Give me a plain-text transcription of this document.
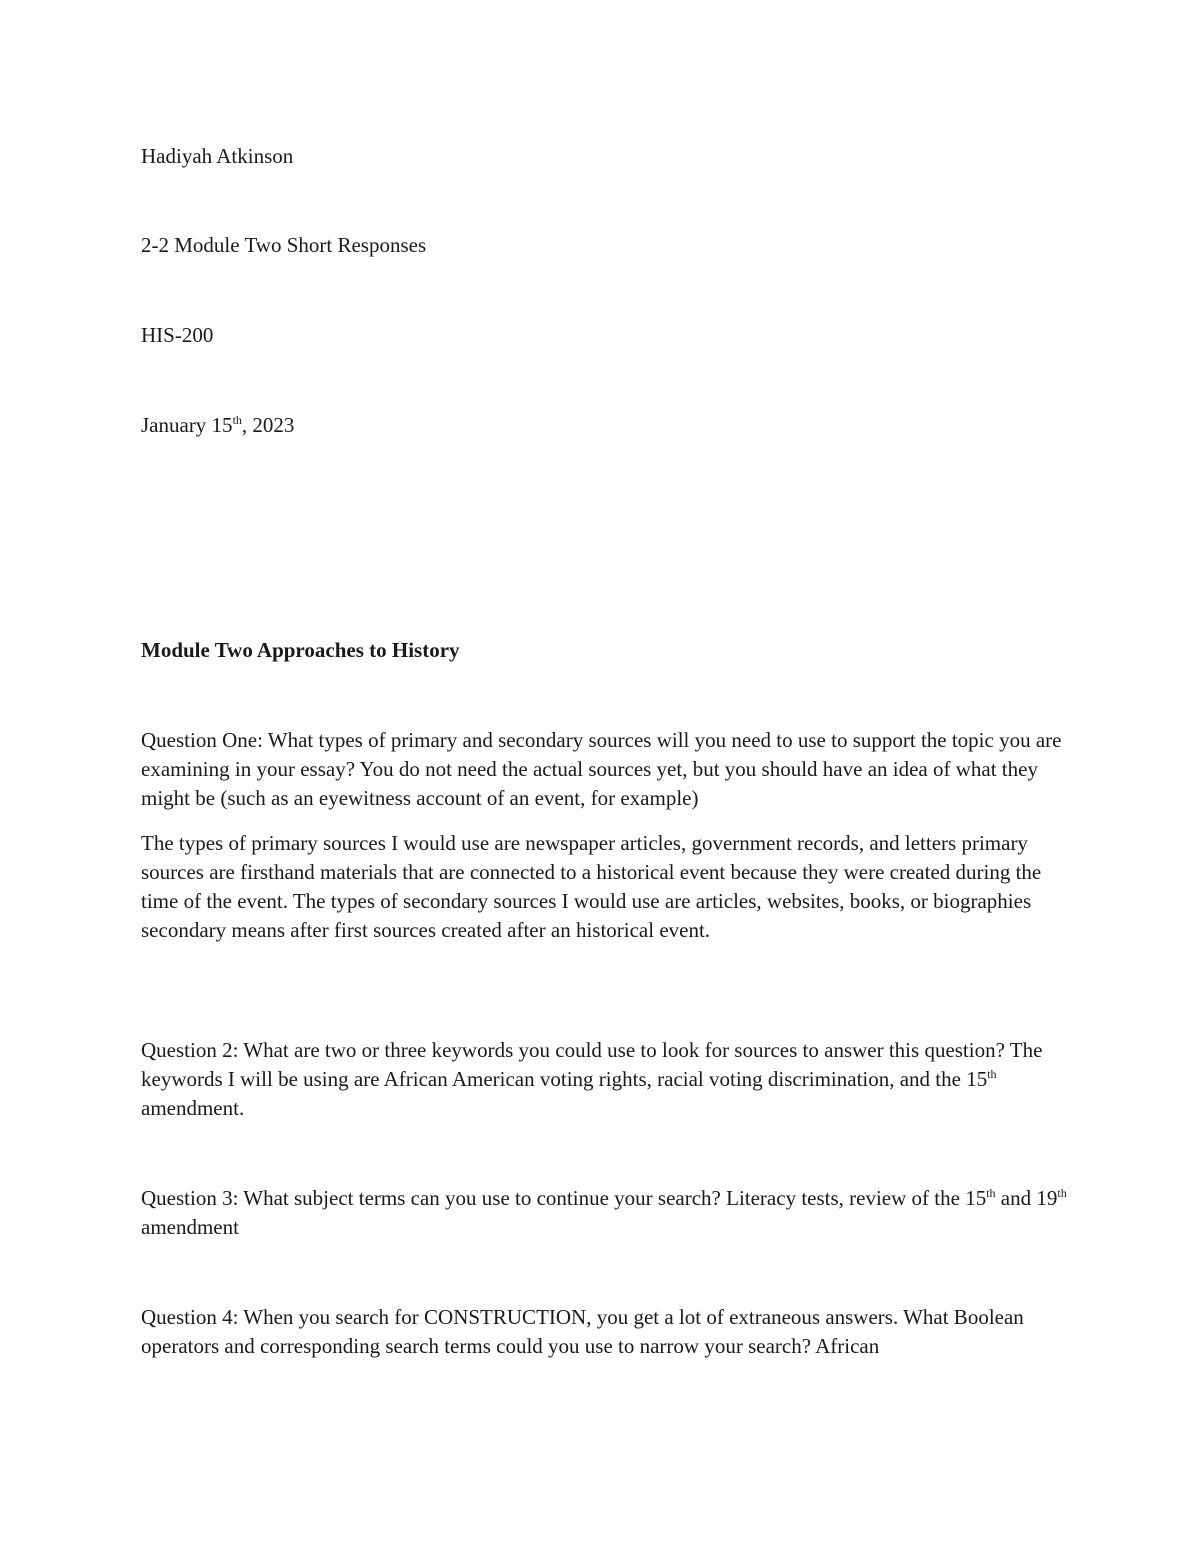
Hadiyah Atkinson
2-2 Module Two Short Responses
HIS-200
January 15th, 2023
Module Two Approaches to History
Question One: What types of primary and secondary sources will you need to use to support the topic you are examining in your essay? You do not need the actual sources yet, but you should have an idea of what they might be (such as an eyewitness account of an event, for example)
The types of primary sources I would use are newspaper articles, government records, and letters primary sources are firsthand materials that are connected to a historical event because they were created during the time of the event. The types of secondary sources I would use are articles, websites, books, or biographies secondary means after first sources created after an historical event.
Question 2: What are two or three keywords you could use to look for sources to answer this question? The keywords I will be using are African American voting rights, racial voting discrimination, and the 15th amendment.
Question 3: What subject terms can you use to continue your search? Literacy tests, review of the 15th and 19th amendment
Question 4: When you search for CONSTRUCTION, you get a lot of extraneous answers. What Boolean operators and corresponding search terms could you use to narrow your search? African
